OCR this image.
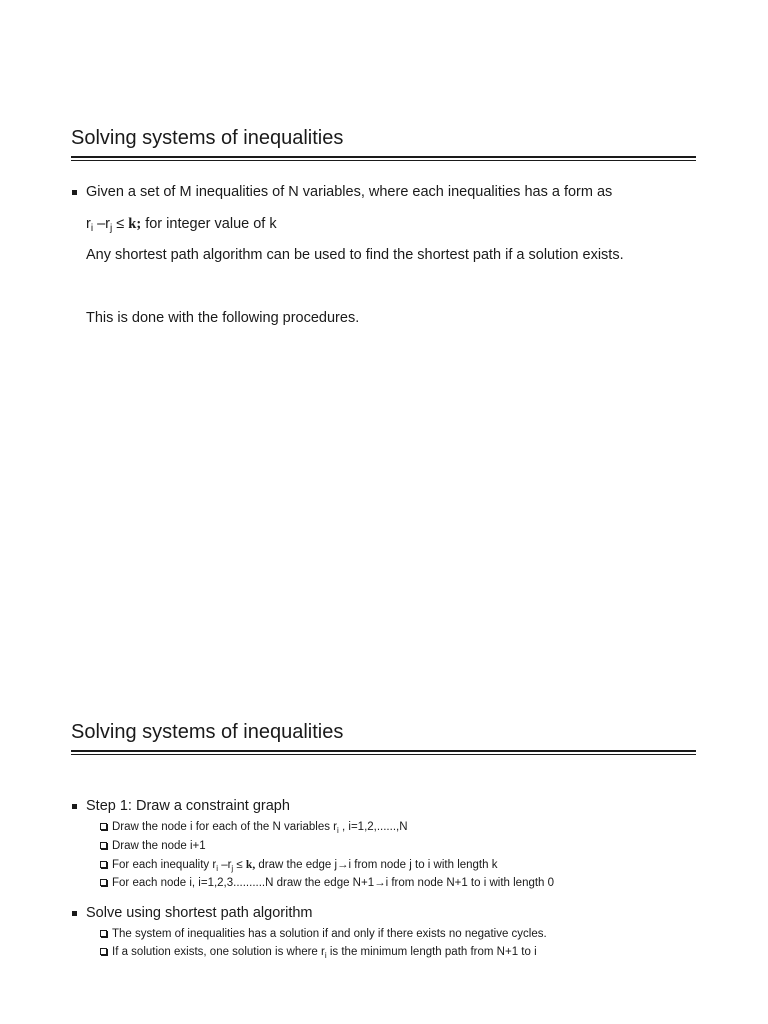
Solving systems of inequalities
Given a set of M inequalities of N variables, where each inequalities has a form as
$r_i$ $-r_j \le k$; for integer value of k
Any shortest path algorithm can be used to find the shortest path if a solution exists.
This is done with the following procedures.
Solving systems of inequalities
Step 1: Draw a constraint graph
Draw the node i for each of the N variables $r_i$ , i=1,2,......,N
Draw the node i+1
For each inequality $r_i$ $-r_j \le k$, draw the edge j→i from node j to i with length k
For each node i, i=1,2,3..........N draw the edge N+1→i from node N+1 to i with length 0
Solve using shortest path algorithm
The system of inequalities has a solution if and only if there exists no negative cycles.
If a solution exists, one solution is where $r_i$ is the minimum length path from N+1 to i
